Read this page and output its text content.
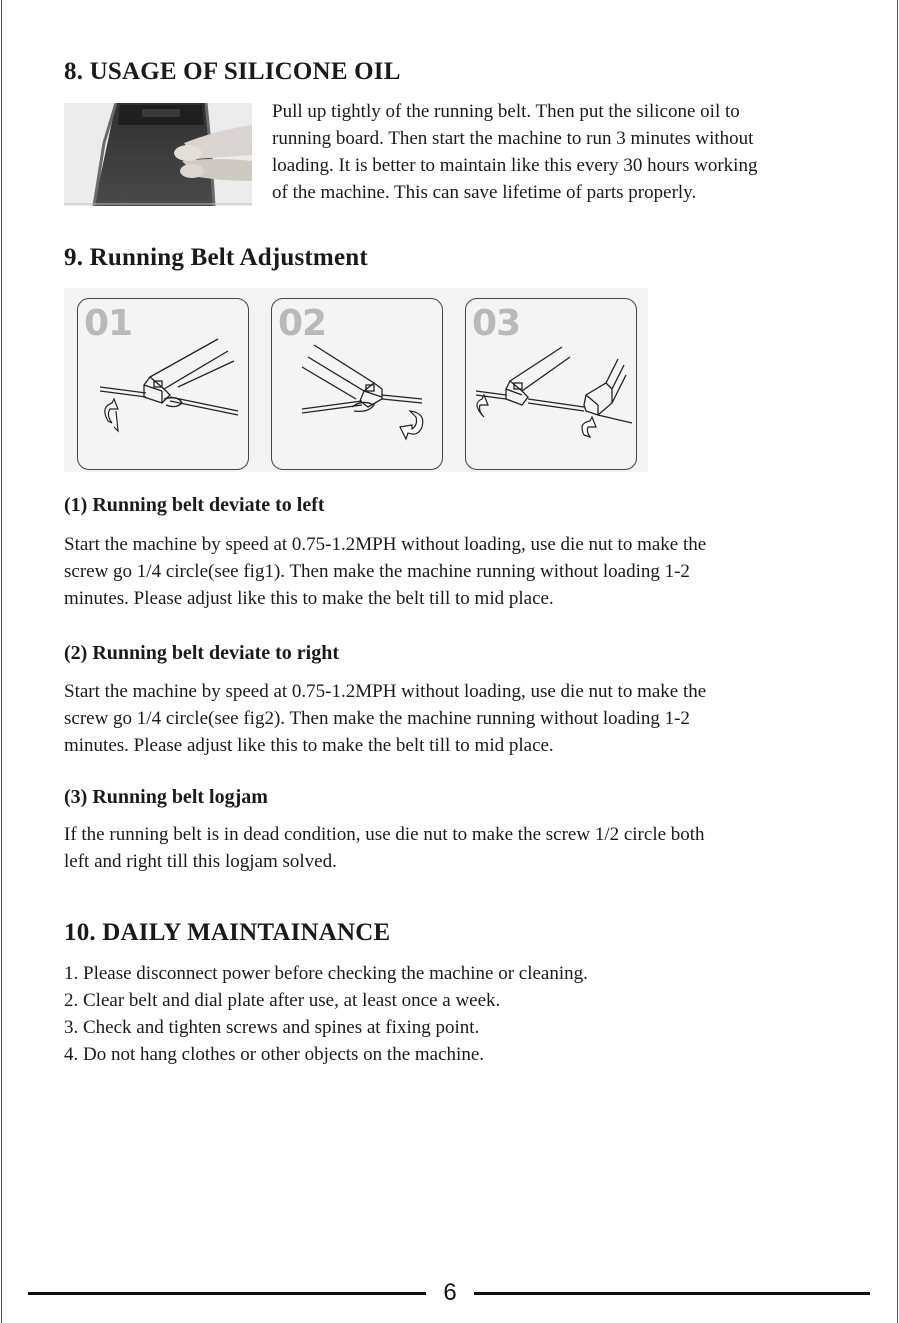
8. USAGE OF SILICONE OIL

Pull up tightly of the running belt. Then put the silicone oil to

running board. Then start the machine to run 3 minutes without

loading. It is better to maintain like this every 30 hours working

of the machine. This can save lifetime of parts properly.

9. Running Belt Adjustment
01	02	03
(1) Running belt deviate to left

Start the machine by speed at 0.75-1.2MPH without loading, use die nut to make the

screw go 1/4 circle(see fig1). Then make the machine running without loading 1-2

minutes. Please adjust like this to make the belt till to mid place.

(2) Running belt deviate to right

Start the machine by speed at 0.75-1.2MPH without loading, use die nut to make the

screw go 1/4 circle(see fig2). Then make the machine running without loading 1-2

minutes. Please adjust like this to make the belt till to mid place.

(3) Running belt logjam

If the running belt is in dead condition, use die nut to make the screw 1/2 circle both

left and right till this logjam solved.

10. DAILY MAINTAINANCE

1. Please disconnect power before checking the machine or cleaning.

2. Clear belt and dial plate after use, at least once a week.

3. Check and tighten screws and spines at fixing point.

4. Do not hang clothes or other objects on the machine.

6
